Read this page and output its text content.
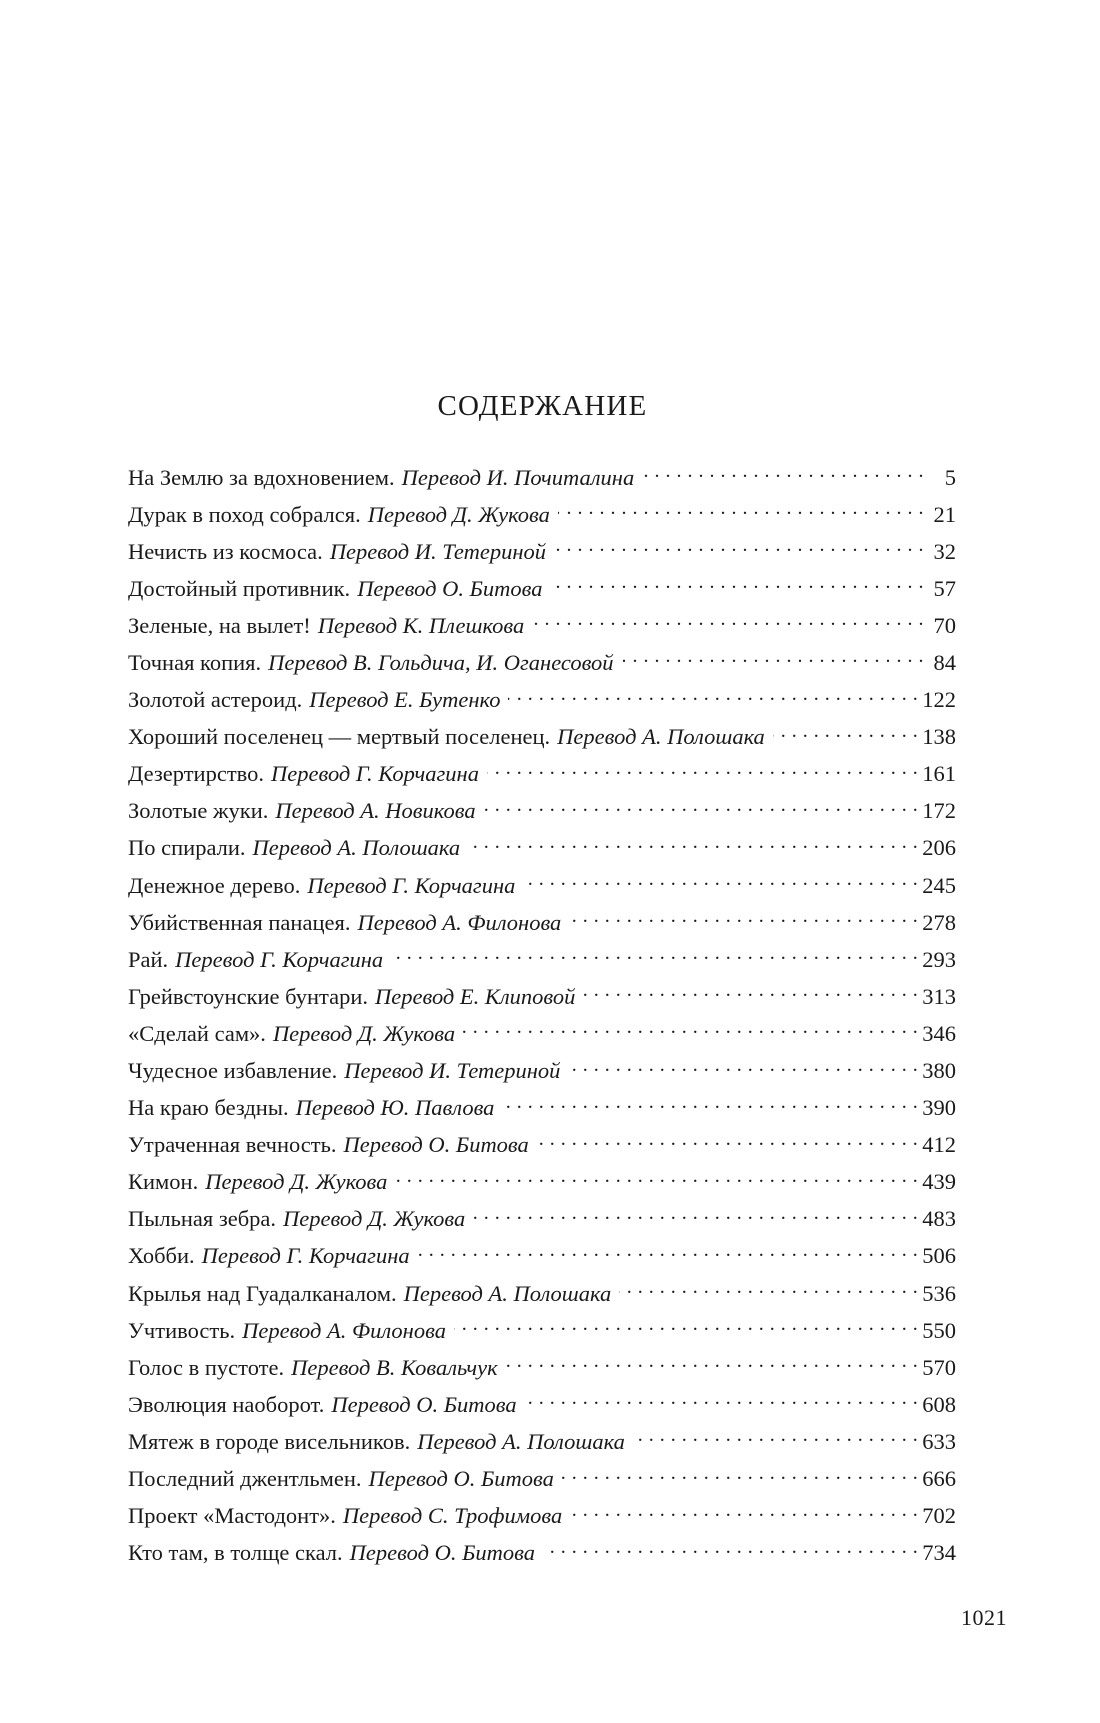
СОДЕРЖАНИЕ
На Землю за вдохновением. Перевод И. Почиталина . . .	5
Дурак в поход собрался. Перевод Д. Жукова . . .	21
Нечисть из космоса. Перевод И. Тетериной . . .	32
Достойный противник. Перевод О. Битова . . .	57
Зеленые, на вылет! Перевод К. Плешкова . . .	70
Точная копия. Перевод В. Гольдича, И. Оганесовой . . .	84
Золотой астероид. Перевод Е. Бутенко . . .	122
Хороший поселенец — мертвый поселенец. Перевод А. Полошака . . .	138
Дезертирство. Перевод Г. Корчагина . . .	161
Золотые жуки. Перевод А. Новикова . . .	172
По спирали. Перевод А. Полошака . . .	206
Денежное дерево. Перевод Г. Корчагина . . .	245
Убийственная панацея. Перевод А. Филонова . . .	278
Рай. Перевод Г. Корчагина . . .	293
Грейвстоунские бунтари. Перевод Е. Клиповой . . .	313
«Сделай сам». Перевод Д. Жукова . . .	346
Чудесное избавление. Перевод И. Тетериной . . .	380
На краю бездны. Перевод Ю. Павлова . . .	390
Утраченная вечность. Перевод О. Битова . . .	412
Кимон. Перевод Д. Жукова . . .	439
Пыльная зебра. Перевод Д. Жукова . . .	483
Хобби. Перевод Г. Корчагина . . .	506
Крылья над Гуадалканалом. Перевод А. Полошака . . .	536
Учтивость. Перевод А. Филонова . . .	550
Голос в пустоте. Перевод В. Ковальчук . . .	570
Эволюция наоборот. Перевод О. Битова . . .	608
Мятеж в городе висельников. Перевод А. Полошака . . .	633
Последний джентльмен. Перевод О. Битова . . .	666
Проект «Мастодонт». Перевод С. Трофимова . . .	702
Кто там, в толще скал. Перевод О. Битова . . .	734
1021
